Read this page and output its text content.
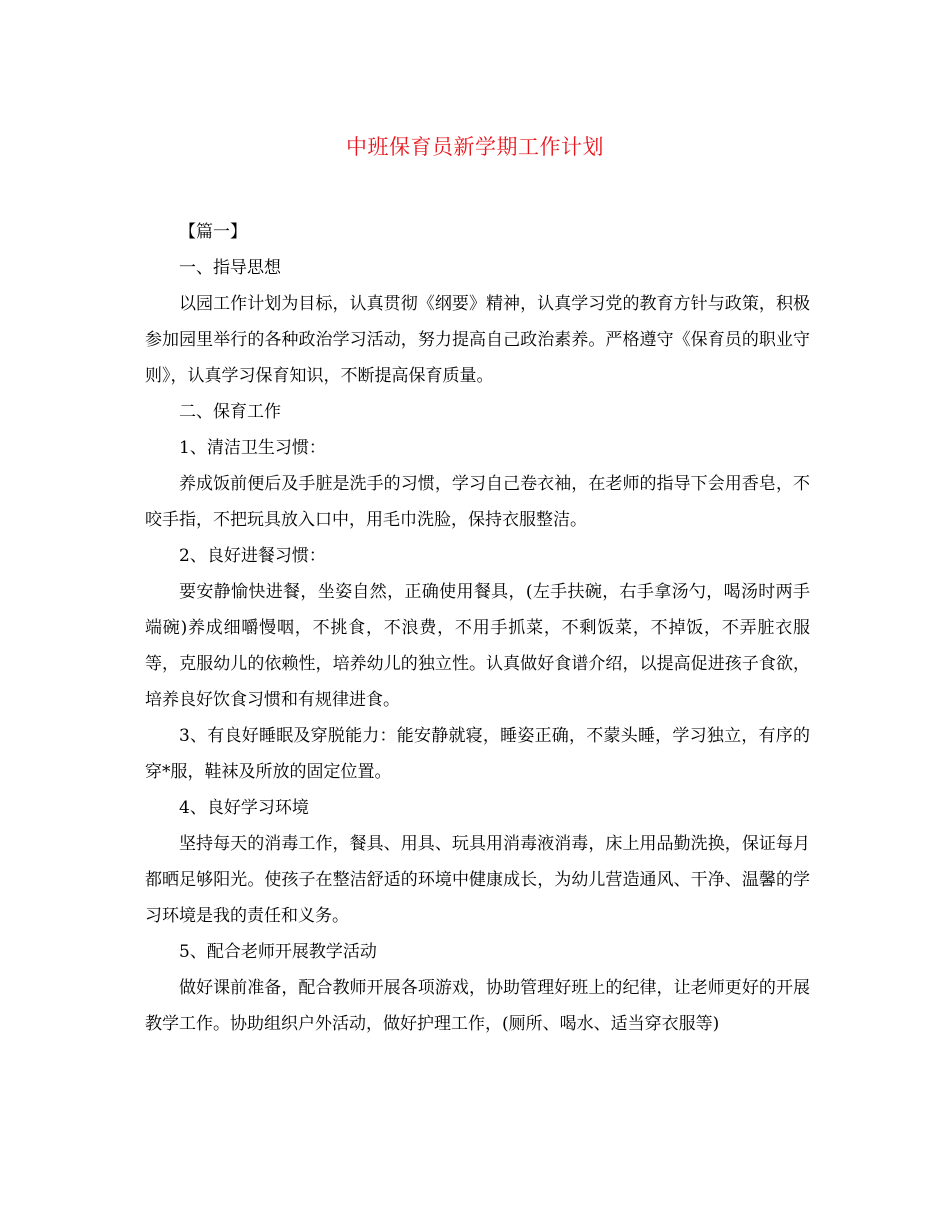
中班保育员新学期工作计划

【篇一】

一、指导思想

以园工作计划为目标，认真贯彻《纲要》精神，认真学习党的教育方针与政策，积极参加园里举行的各种政治学习活动，努力提高自己政治素养。严格遵守《保育员的职业守则》，认真学习保育知识，不断提高保育质量。

二、保育工作

1、清洁卫生习惯：

养成饭前便后及手脏是洗手的习惯，学习自己卷衣袖，在老师的指导下会用香皂，不咬手指，不把玩具放入口中，用毛巾洗脸，保持衣服整洁。

2、良好进餐习惯：

要安静愉快进餐，坐姿自然，正确使用餐具，(左手扶碗，右手拿汤勺，喝汤时两手端碗)养成细嚼慢咽，不挑食，不浪费，不用手抓菜，不剩饭菜，不掉饭，不弄脏衣服等，克服幼儿的依赖性，培养幼儿的独立性。认真做好食谱介绍，以提高促进孩子食欲，培养良好饮食习惯和有规律进食。

3、有良好睡眠及穿脱能力：能安静就寝，睡姿正确，不蒙头睡，学习独立，有序的穿*服，鞋袜及所放的固定位置。

4、良好学习环境

坚持每天的消毒工作，餐具、用具、玩具用消毒液消毒，床上用品勤洗换，保证每月都晒足够阳光。使孩子在整洁舒适的环境中健康成长，为幼儿营造通风、干净、温馨的学习环境是我的责任和义务。

5、配合老师开展教学活动

做好课前准备，配合教师开展各项游戏，协助管理好班上的纪律，让老师更好的开展教学工作。协助组织户外活动，做好护理工作，(厕所、喝水、适当穿衣服等)
